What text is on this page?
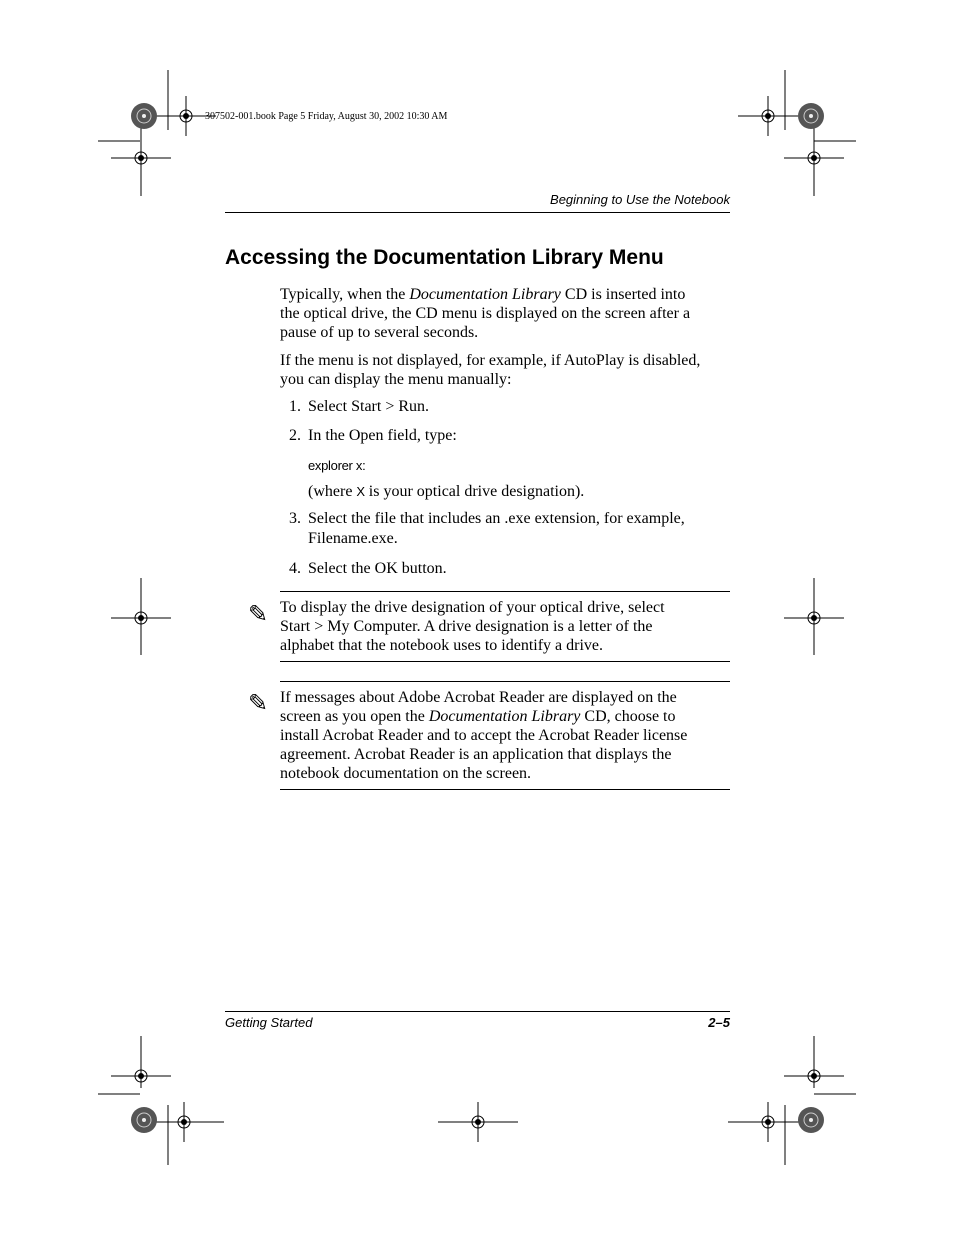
307502-001.book Page 5 Friday, August 30, 2002 10:30 AM
Beginning to Use the Notebook
Accessing the Documentation Library Menu
Typically, when the Documentation Library CD is inserted into
the optical drive, the CD menu is displayed on the screen after a
pause of up to several seconds.
If the menu is not displayed, for example, if AutoPlay is disabled,
you can display the menu manually:
1. Select Start > Run.
2. In the Open field, type:
explorer x:
(where X is your optical drive designation).
3. Select the file that includes an .exe extension, for example,
Filename.exe.
4. Select the OK button.
✎ To display the drive designation of your optical drive, select
Start > My Computer. A drive designation is a letter of the
alphabet that the notebook uses to identify a drive.
✎ If messages about Adobe Acrobat Reader are displayed on the
screen as you open the Documentation Library CD, choose to
install Acrobat Reader and to accept the Acrobat Reader license
agreement. Acrobat Reader is an application that displays the
notebook documentation on the screen.
Getting Started	2–5
